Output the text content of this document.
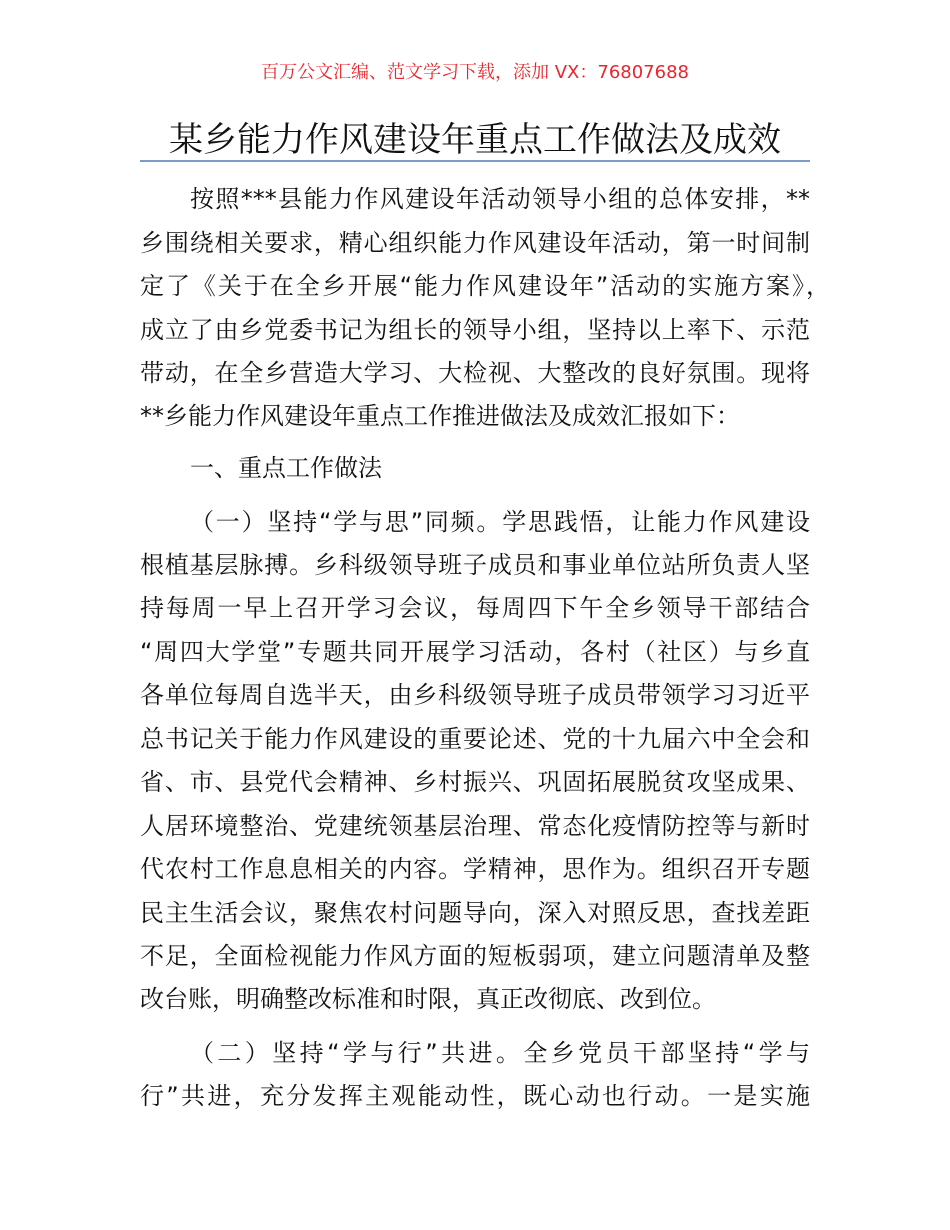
百万公文汇编、范文学习下载，添加 VX：76807688
某乡能力作风建设年重点工作做法及成效
按照***县能力作风建设年活动领导小组的总体安排，**
乡围绕相关要求，精心组织能力作风建设年活动，第一时间制
定了《关于在全乡开展“能力作风建设年”活动的实施方案》，
成立了由乡党委书记为组长的领导小组，坚持以上率下、示范
带动，在全乡营造大学习、大检视、大整改的良好氛围。现将
**乡能力作风建设年重点工作推进做法及成效汇报如下：
一、重点工作做法
（一）坚持“学与思”同频。学思践悟，让能力作风建设
根植基层脉搏。乡科级领导班子成员和事业单位站所负责人坚
持每周一早上召开学习会议，每周四下午全乡领导干部结合
“周四大学堂”专题共同开展学习活动，各村（社区）与乡直
各单位每周自选半天，由乡科级领导班子成员带领学习习近平
总书记关于能力作风建设的重要论述、党的十九届六中全会和
省、市、县党代会精神、乡村振兴、巩固拓展脱贫攻坚成果、
人居环境整治、党建统领基层治理、常态化疫情防控等与新时
代农村工作息息相关的内容。学精神，思作为。组织召开专题
民主生活会议，聚焦农村问题导向，深入对照反思，查找差距
不足，全面检视能力作风方面的短板弱项，建立问题清单及整
改台账，明确整改标准和时限，真正改彻底、改到位。
（二）坚持“学与行”共进。全乡党员干部坚持“学与
行”共进，充分发挥主观能动性，既心动也行动。一是实施
